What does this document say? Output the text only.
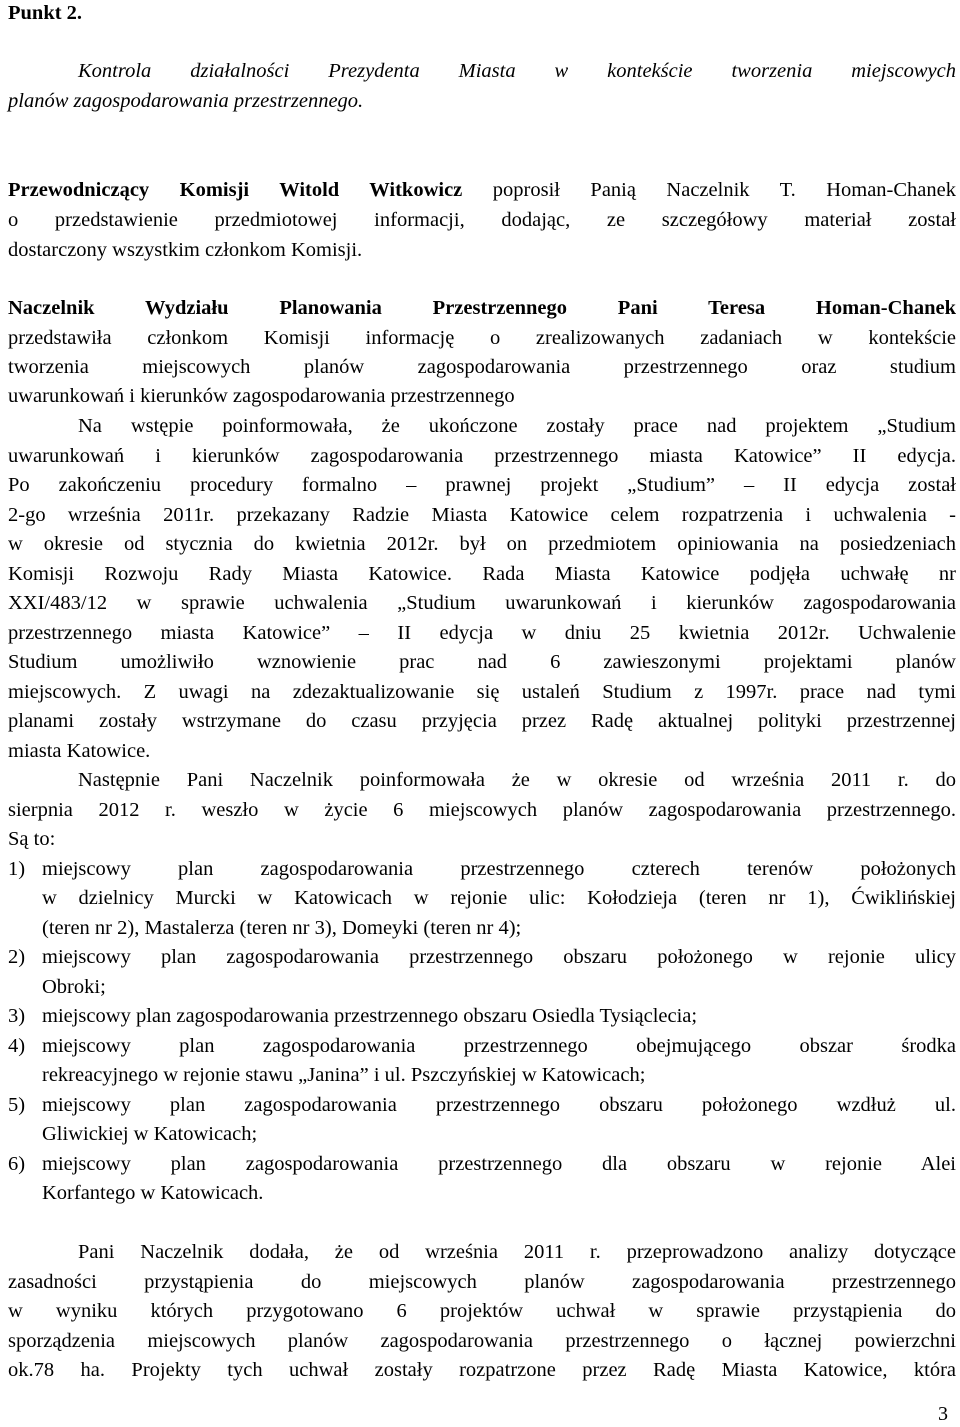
Punkt 2.
Kontrola działalności Prezydenta Miasta w kontekście tworzenia miejscowych
planów zagospodarowania przestrzennego.
Przewodniczący Komisji Witold Witkowicz poprosił Panią Naczelnik T. Homan-Chanek
o przedstawienie przedmiotowej informacji, dodając, ze szczegółowy materiał został
dostarczony wszystkim członkom Komisji.
Naczelnik Wydziału Planowania Przestrzennego Pani Teresa Homan-Chanek
przedstawiła członkom Komisji informację o zrealizowanych zadaniach w kontekście
tworzenia miejscowych planów zagospodarowania przestrzennego oraz studium
uwarunkowań i kierunków zagospodarowania przestrzennego
Na wstępie poinformowała, że ukończone zostały prace nad projektem „Studium
uwarunkowań i kierunków zagospodarowania przestrzennego miasta Katowice” II edycja.
Po zakończeniu procedury formalno – prawnej projekt „Studium” – II edycja został
2-go września 2011r. przekazany Radzie Miasta Katowice celem rozpatrzenia i uchwalenia -
w okresie od stycznia do kwietnia 2012r. był on przedmiotem opiniowania na posiedzeniach
Komisji Rozwoju Rady Miasta Katowice. Rada Miasta Katowice podjęła uchwałę nr
XXI/483/12 w sprawie uchwalenia „Studium uwarunkowań i kierunków zagospodarowania
przestrzennego miasta Katowice” – II edycja w dniu 25 kwietnia 2012r. Uchwalenie
Studium umożliwiło wznowienie prac nad 6 zawieszonymi projektami planów
miejscowych. Z uwagi na zdezaktualizowanie się ustaleń Studium z 1997r. prace nad tymi
planami zostały wstrzymane do czasu przyjęcia przez Radę aktualnej polityki przestrzennej
miasta Katowice.
Następnie Pani Naczelnik poinformowała że w okresie od września 2011 r. do
sierpnia 2012 r. weszło w życie 6 miejscowych planów zagospodarowania przestrzennego.
Są to:
1) miejscowy plan zagospodarowania przestrzennego czterech terenów położonych
w dzielnicy Murcki w Katowicach w rejonie ulic: Kołodzieja (teren nr 1), Ćwiklińskiej
(teren nr 2), Mastalerza (teren nr 3), Domeyki (teren nr 4);
2) miejscowy plan zagospodarowania przestrzennego obszaru położonego w rejonie ulicy
Obroki;
3) miejscowy plan zagospodarowania przestrzennego obszaru Osiedla Tysiąclecia;
4) miejscowy plan zagospodarowania przestrzennego obejmującego obszar środka
rekreacyjnego w rejonie stawu „Janina” i ul. Pszczyńskiej w Katowicach;
5) miejscowy plan zagospodarowania przestrzennego obszaru położonego wzdłuż ul.
Gliwickiej w Katowicach;
6) miejscowy plan zagospodarowania przestrzennego dla obszaru w rejonie Alei
Korfantego w Katowicach.
Pani Naczelnik dodała, że od września 2011 r. przeprowadzono analizy dotyczące
zasadności przystąpienia do miejscowych planów zagospodarowania przestrzennego
w wyniku których przygotowano 6 projektów uchwał w sprawie przystąpienia do
sporządzenia miejscowych planów zagospodarowania przestrzennego o łącznej powierzchni
ok.78 ha. Projekty tych uchwał zostały rozpatrzone przez Radę Miasta Katowice, która
3
